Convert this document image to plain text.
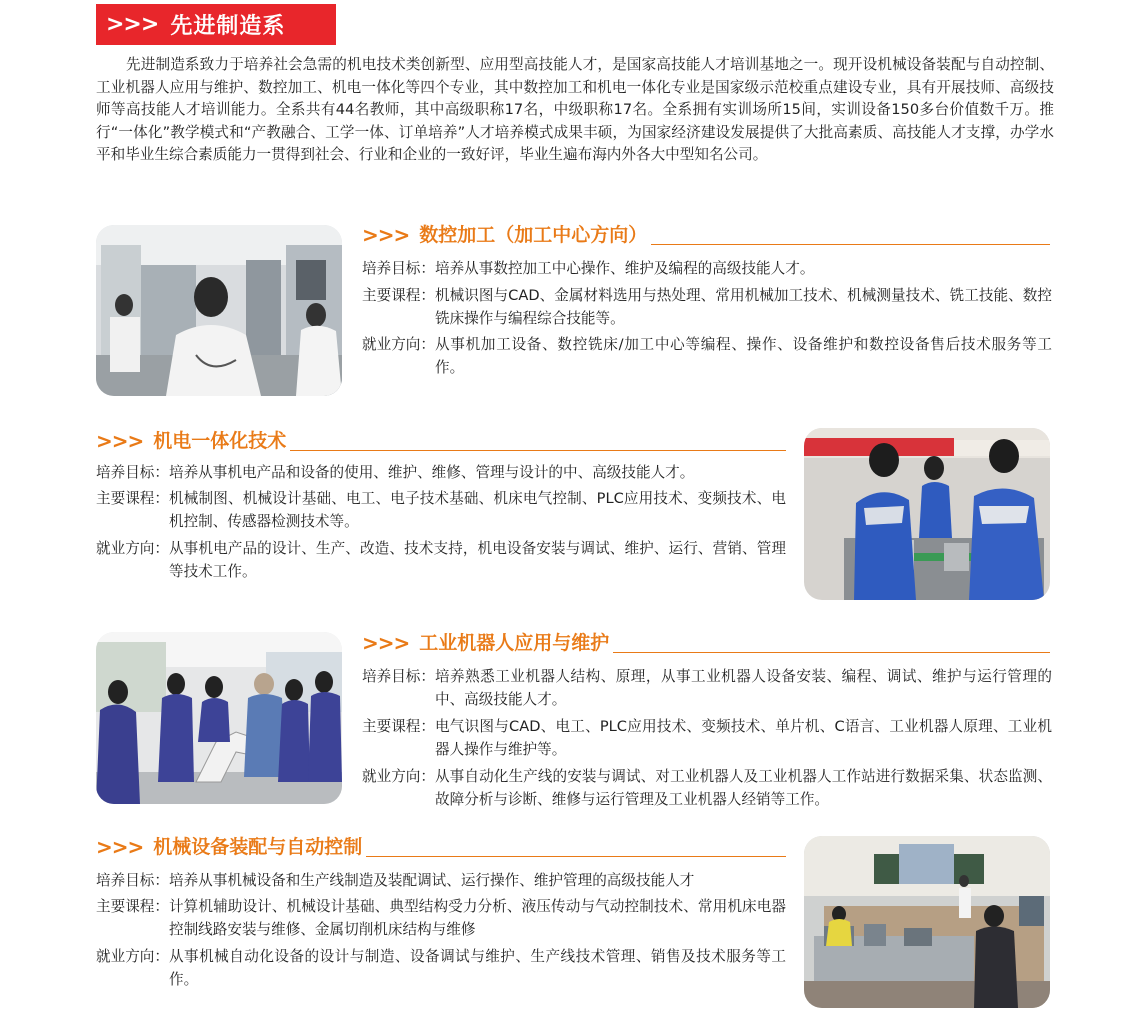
>>> 先进制造系

先进制造系致力于培养社会急需的机电技术类创新型、应用型高技能人才，是国家高技能人才培训基地之一。现开设机械设备装配与自动控制、工业机器人应用与维护、数控加工、机电一体化等四个专业，其中数控加工和机电一体化专业是国家级示范校重点建设专业，具有开展技师、高级技师等高技能人才培训能力。全系共有44名教师，其中高级职称17名，中级职称17名。全系拥有实训场所15间，实训设备150多台价值数千万。推行“一体化”教学模式和“产教融合、工学一体、订单培养”人才培养模式成果丰硕，为国家经济建设发展提供了大批高素质、高技能人才支撑，办学水平和毕业生综合素质能力一贯得到社会、行业和企业的一致好评，毕业生遍布海内外各大中型知名公司。

>>> 数控加工（加工中心方向）
培养目标： 培养从事数控加工中心操作、维护及编程的高级技能人才。
主要课程： 机械识图与CAD、金属材料选用与热处理、常用机械加工技术、机械测量技术、铣工技能、数控铣床操作与编程综合技能等。
就业方向： 从事机加工设备、数控铣床/加工中心等编程、操作、设备维护和数控设备售后技术服务等工作。
>>> 机电一体化技术
培养目标： 培养从事机电产品和设备的使用、维护、维修、管理与设计的中、高级技能人才。
主要课程： 机械制图、机械设计基础、电工、电子技术基础、机床电气控制、PLC应用技术、变频技术、电机控制、传感器检测技术等。
就业方向： 从事机电产品的设计、生产、改造、技术支持，机电设备安装与调试、维护、运行、营销、管理等技术工作。
>>> 工业机器人应用与维护
培养目标： 培养熟悉工业机器人结构、原理，从事工业机器人设备安装、编程、调试、维护与运行管理的中、高级技能人才。
主要课程： 电气识图与CAD、电工、PLC应用技术、变频技术、单片机、C语言、工业机器人原理、工业机器人操作与维护等。
就业方向： 从事自动化生产线的安装与调试、对工业机器人及工业机器人工作站进行数据采集、状态监测、故障分析与诊断、维修与运行管理及工业机器人经销等工作。
>>> 机械设备装配与自动控制
培养目标： 培养从事机械设备和生产线制造及装配调试、运行操作、维护管理的高级技能人才
主要课程： 计算机辅助设计、机械设计基础、典型结构受力分析、液压传动与气动控制技术、常用机床电器控制线路安装与维修、金属切削机床结构与维修
就业方向： 从事机械自动化设备的设计与制造、设备调试与维护、生产线技术管理、销售及技术服务等工作。
